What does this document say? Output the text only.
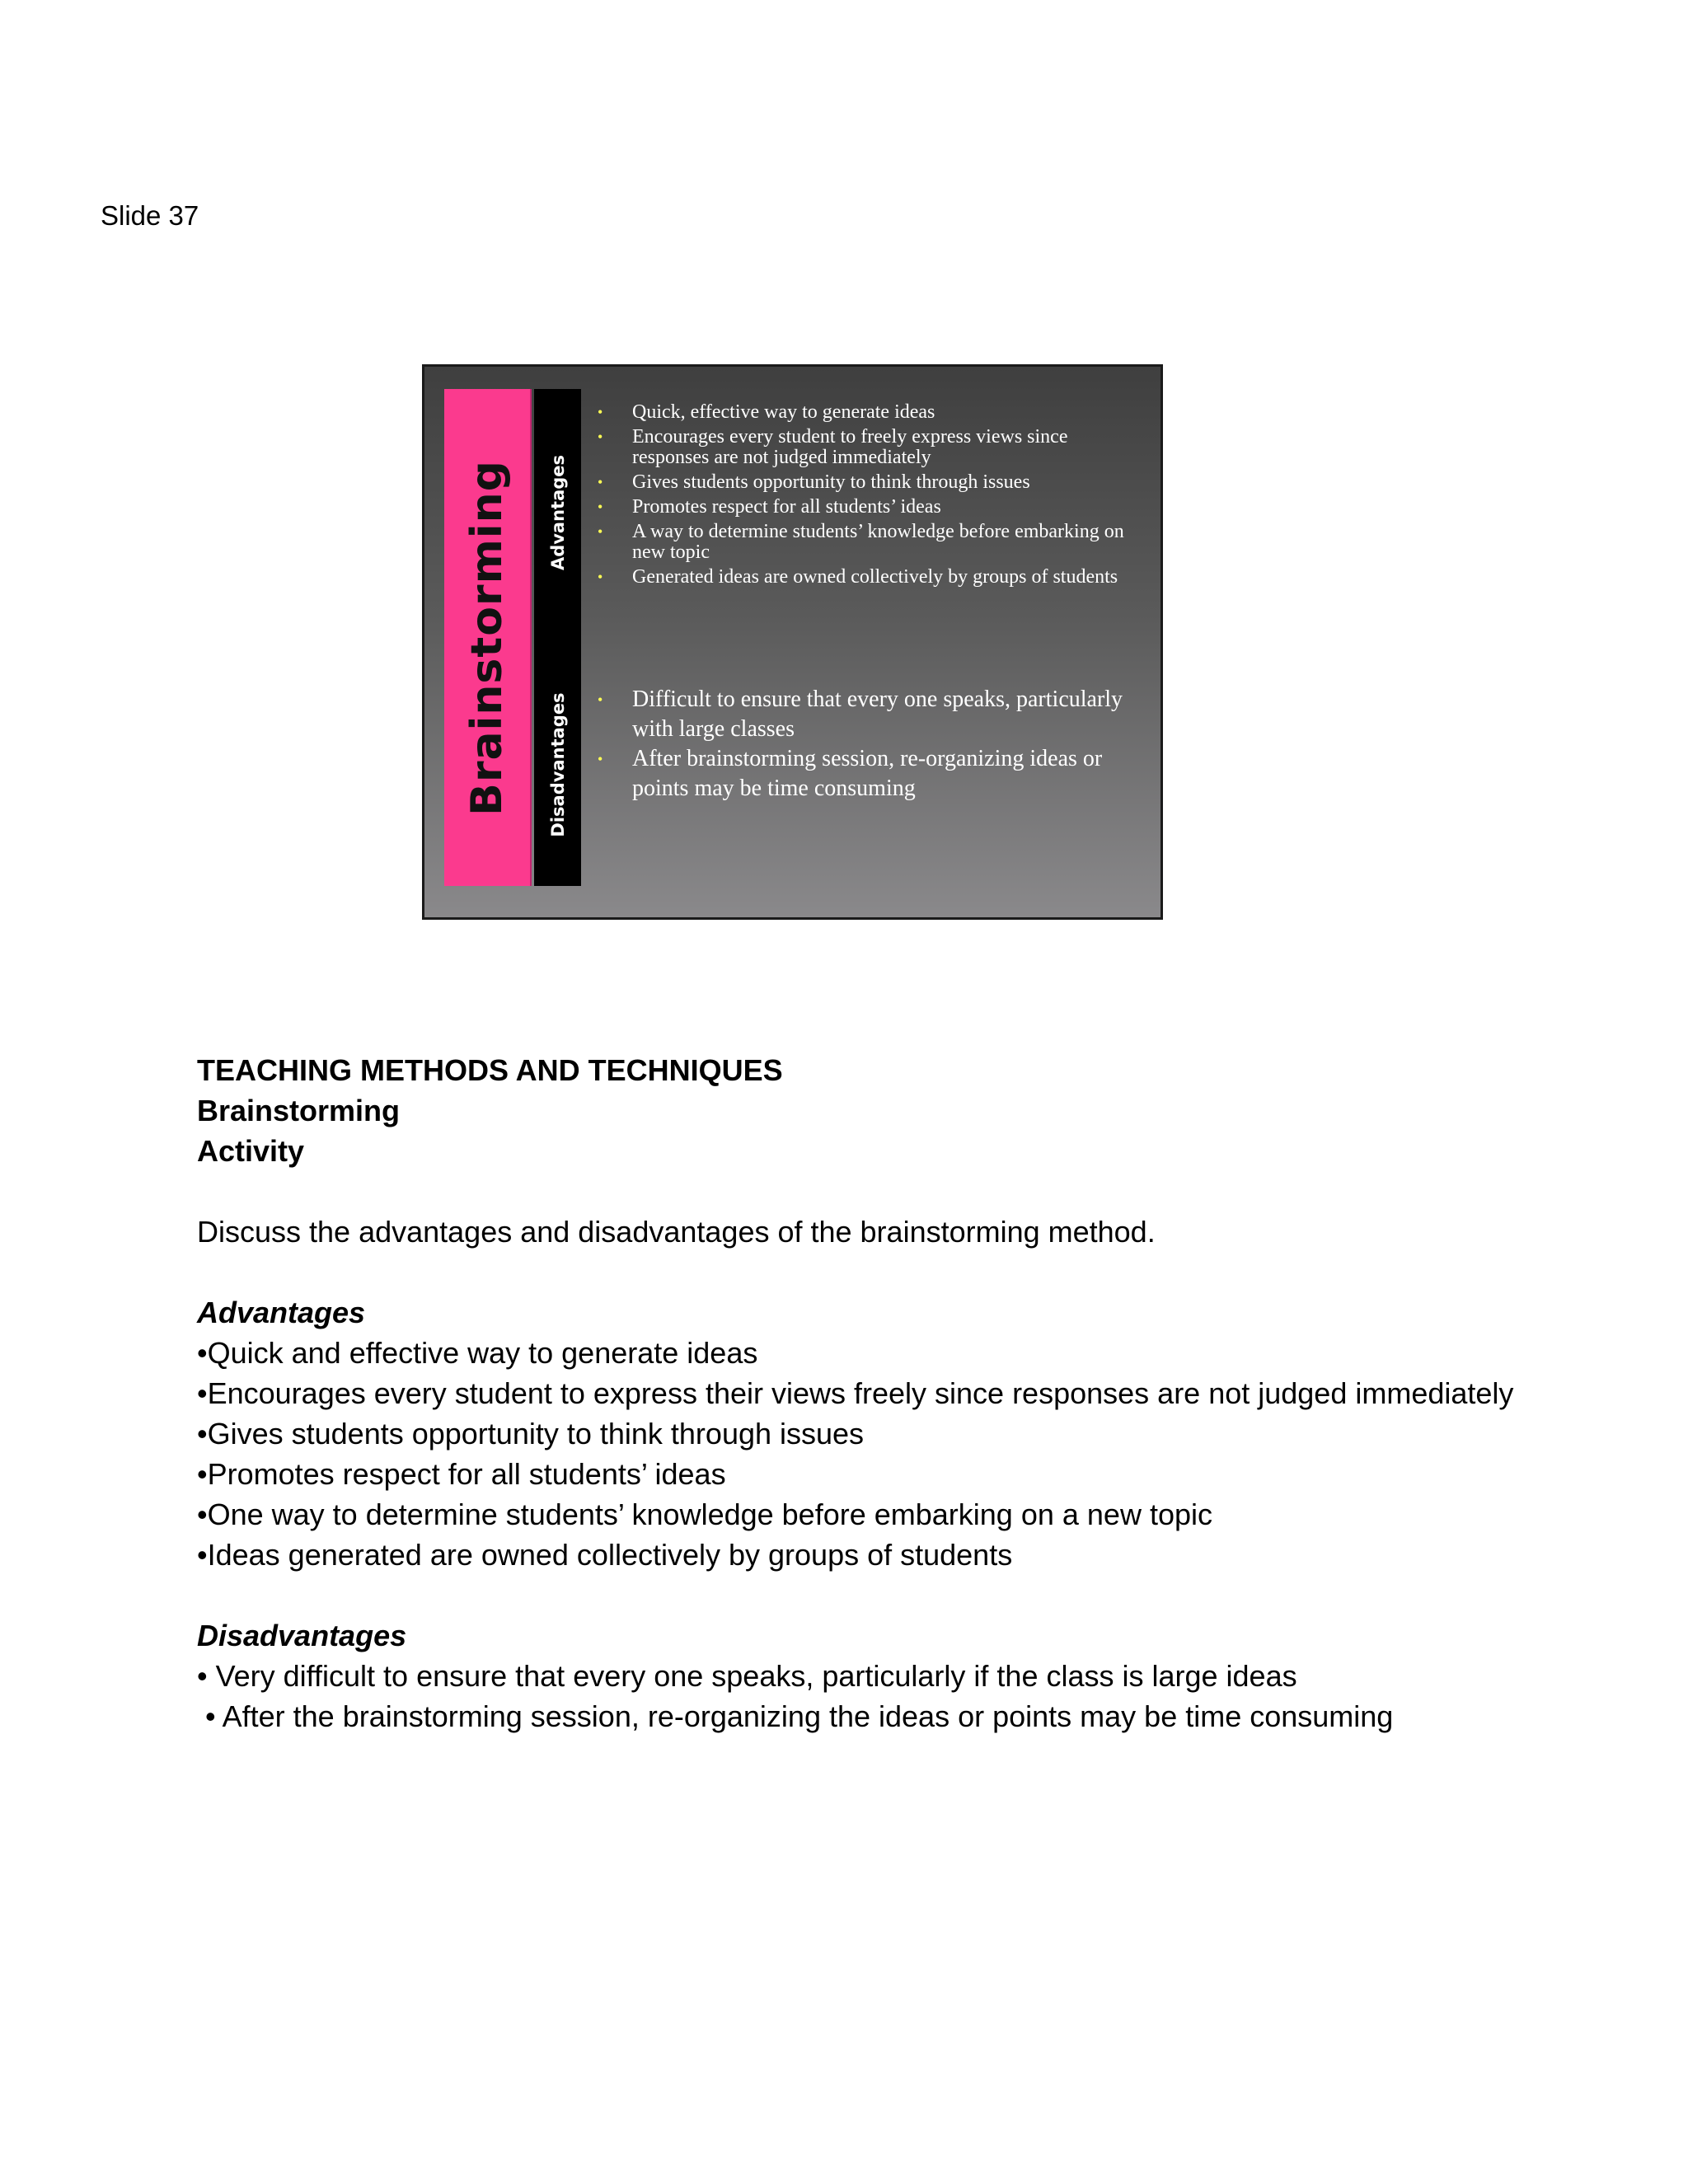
Slide 37
Brainstorming Advantages
Disadvantages
• Quick, effective way to generate ideas
• Encourages every student to freely express views since responses are not judged immediately
• Gives students opportunity to think through issues
• Promotes respect for all students’ ideas
• A way to determine students’ knowledge before embarking on new topic
• Generated ideas are owned collectively by groups of students
• Difficult to ensure that every one speaks, particularly with large classes
• After brainstorming session, re-organizing ideas or points may be time consuming

TEACHING METHODS AND TECHNIQUES

Brainstorming

Activity

Discuss the advantages and disadvantages of the brainstorming method.

Advantages

•Quick and effective way to generate ideas

•Encourages every student to express their views freely since responses are not judged immediately

•Gives students opportunity to think through issues

•Promotes respect for all students’ ideas

•One way to determine students’ knowledge before embarking on a new topic

•Ideas generated are owned collectively by groups of students

Disadvantages

• Very difficult to ensure that every one speaks, particularly if the class is large ideas

• After the brainstorming session, re-organizing the ideas or points may be time consuming
